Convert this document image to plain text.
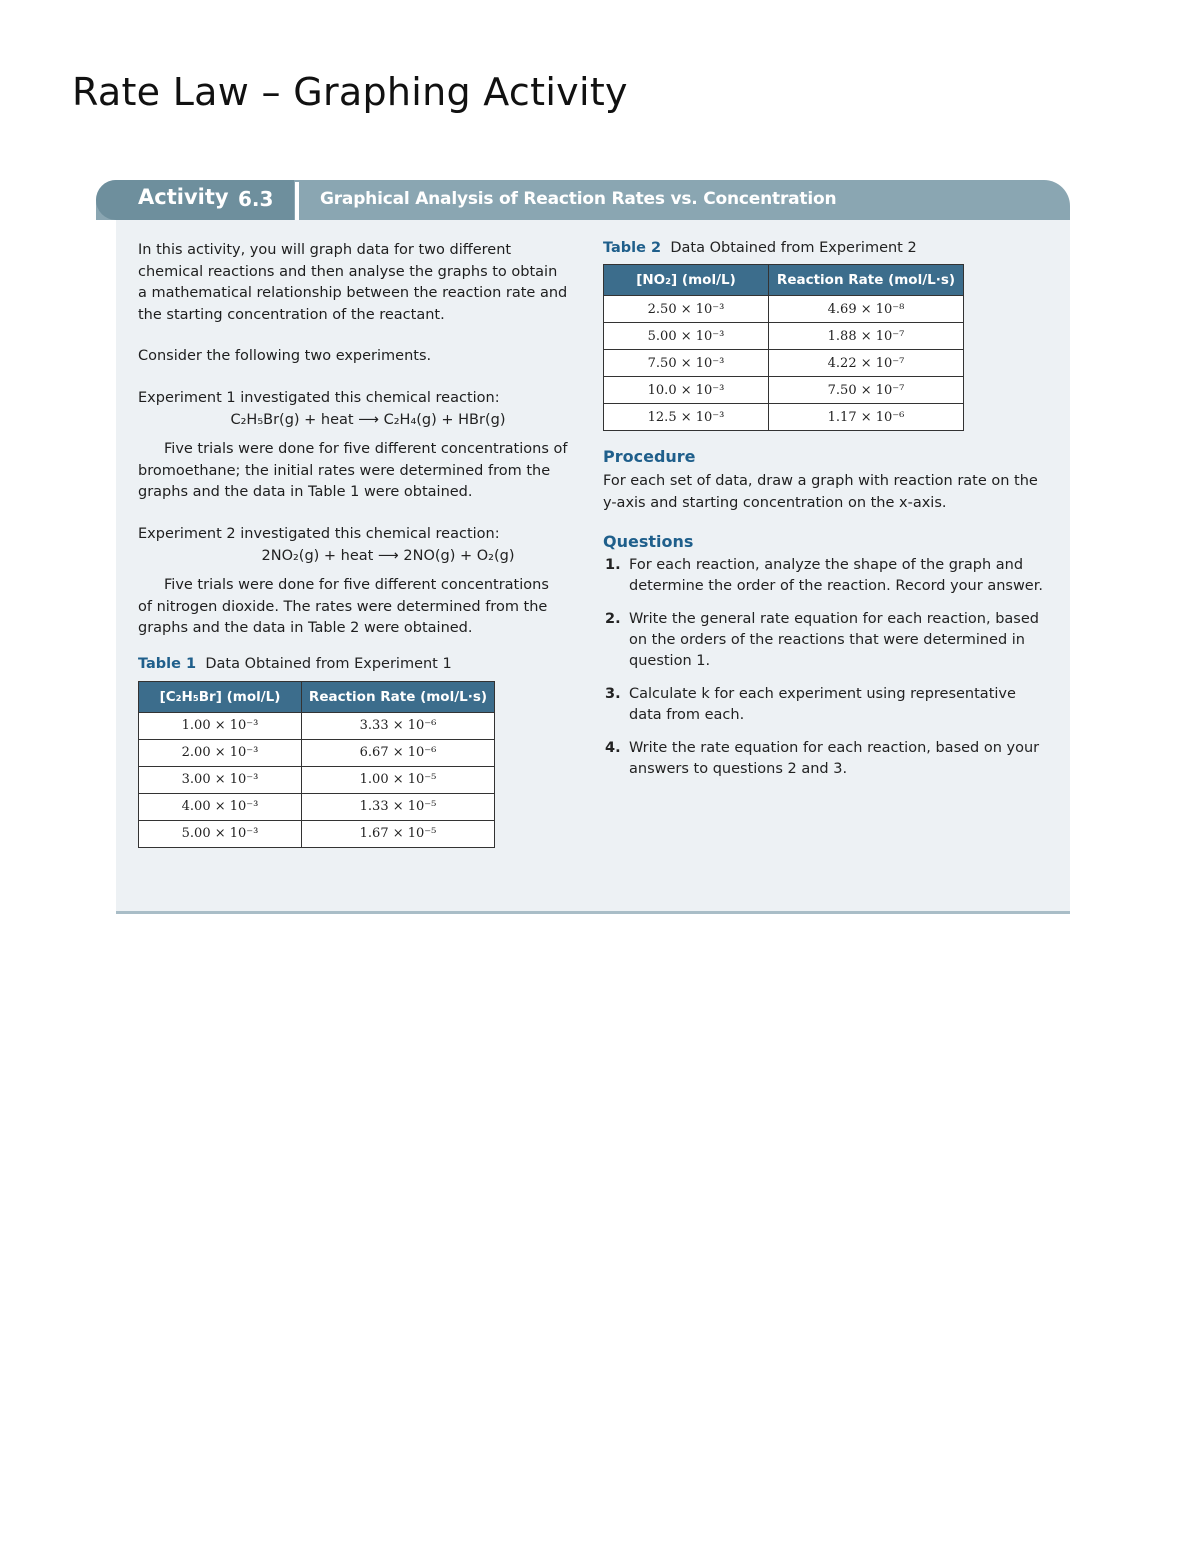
Rate Law – Graphing Activity
Activity 6.3	Graphical Analysis of Reaction Rates vs. Concentration

In this activity, you will graph data for two different chemical reactions and then analyse the graphs to obtain a mathematical relationship between the reaction rate and the starting concentration of the reactant.

Consider the following two experiments.

Experiment 1 investigated this chemical reaction:

C₂H₅Br(g) + heat ⟶ C₂H₄(g) + HBr(g)

Five trials were done for five different concentrations of bromoethane; the initial rates were determined from the graphs and the data in Table 1 were obtained.

Experiment 2 investigated this chemical reaction:

2NO₂(g) + heat ⟶ 2NO(g) + O₂(g)

Five trials were done for five different concentrations of nitrogen dioxide. The rates were determined from the graphs and the data in Table 2 were obtained.

Table 1 Data Obtained from Experiment 1

[C₂H₅Br] (mol/L)	Reaction Rate (mol/L·s)
1.00 × 10⁻³	3.33 × 10⁻⁶
2.00 × 10⁻³	6.67 × 10⁻⁶
3.00 × 10⁻³	1.00 × 10⁻⁵
4.00 × 10⁻³	1.33 × 10⁻⁵
5.00 × 10⁻³	1.67 × 10⁻⁵

Table 2 Data Obtained from Experiment 2

[NO₂] (mol/L)	Reaction Rate (mol/L·s)
2.50 × 10⁻³	4.69 × 10⁻⁸
5.00 × 10⁻³	1.88 × 10⁻⁷
7.50 × 10⁻³	4.22 × 10⁻⁷
10.0 × 10⁻³	7.50 × 10⁻⁷
12.5 × 10⁻³	1.17 × 10⁻⁶
Procedure

For each set of data, draw a graph with reaction rate on the y-axis and starting concentration on the x-axis.

Questions
1. For each reaction, analyze the shape of the graph and determine the order of the reaction. Record your answer.
2. Write the general rate equation for each reaction, based on the orders of the reactions that were determined in question 1.
3. Calculate k for each experiment using representative data from each.
4. Write the rate equation for each reaction, based on your answers to questions 2 and 3.
